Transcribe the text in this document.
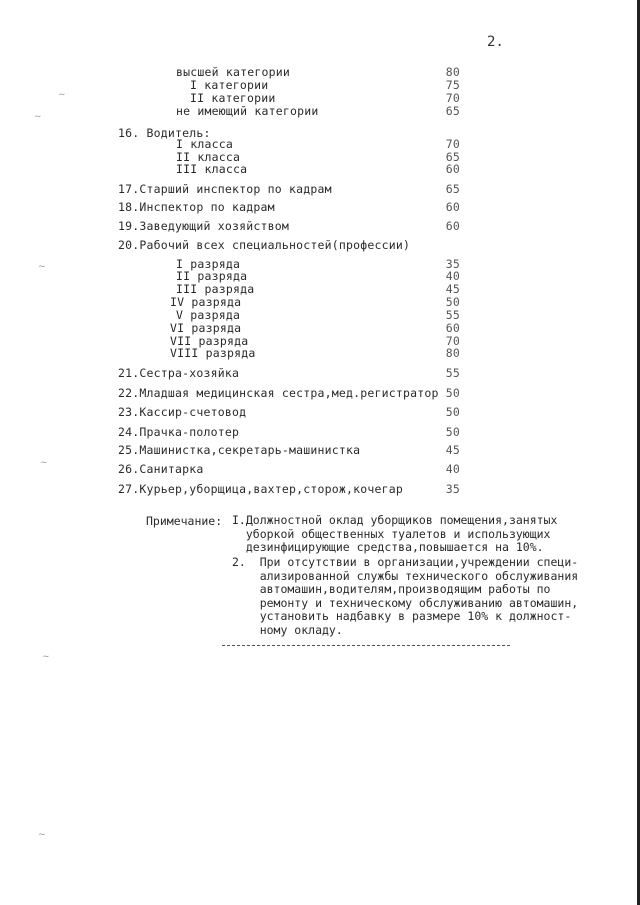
2.
высшей категории	80
I категории	75
II категории	70
не имеющий категории	65
16. Водитель:
I класса	70
II класса	65
III класса	60
17.Старший инспектор по кадрам	65
18.Инспектор по кадрам	60
19.Заведующий хозяйством	60
20.Рабочий всех специальностей(профессии)
I разряда	35
II разряда	40
III разряда	45
IV разряда	50
V разряда	55
VI разряда	60
VII разряда	70
VIII разряда	80
21.Сестра-хозяйка	55
22.Младшая медицинская сестра,мед.регистратор 50
23.Кассир-счетовод	50
24.Прачка-полотер	50
25.Машинистка,секретарь-машинистка	45
26.Санитарка	40
27.Курьер,уборщица,вахтер,сторож,кочегар	35
Примечание: I.Должностной оклад уборщиков помещения,занятых
уборкой общественных туалетов и использующих
дезинфицирующие средства,повышается на 10%.
2.  При отсутствии в организации,учреждении специ-
ализированной службы технического обслуживания
автомашин,водителям,производящим работы по
ремонту и техническому обслуживанию автомашин,
установить надбавку в размере 10% к должност-
ному окладу.
~
~
~
~
~
~
